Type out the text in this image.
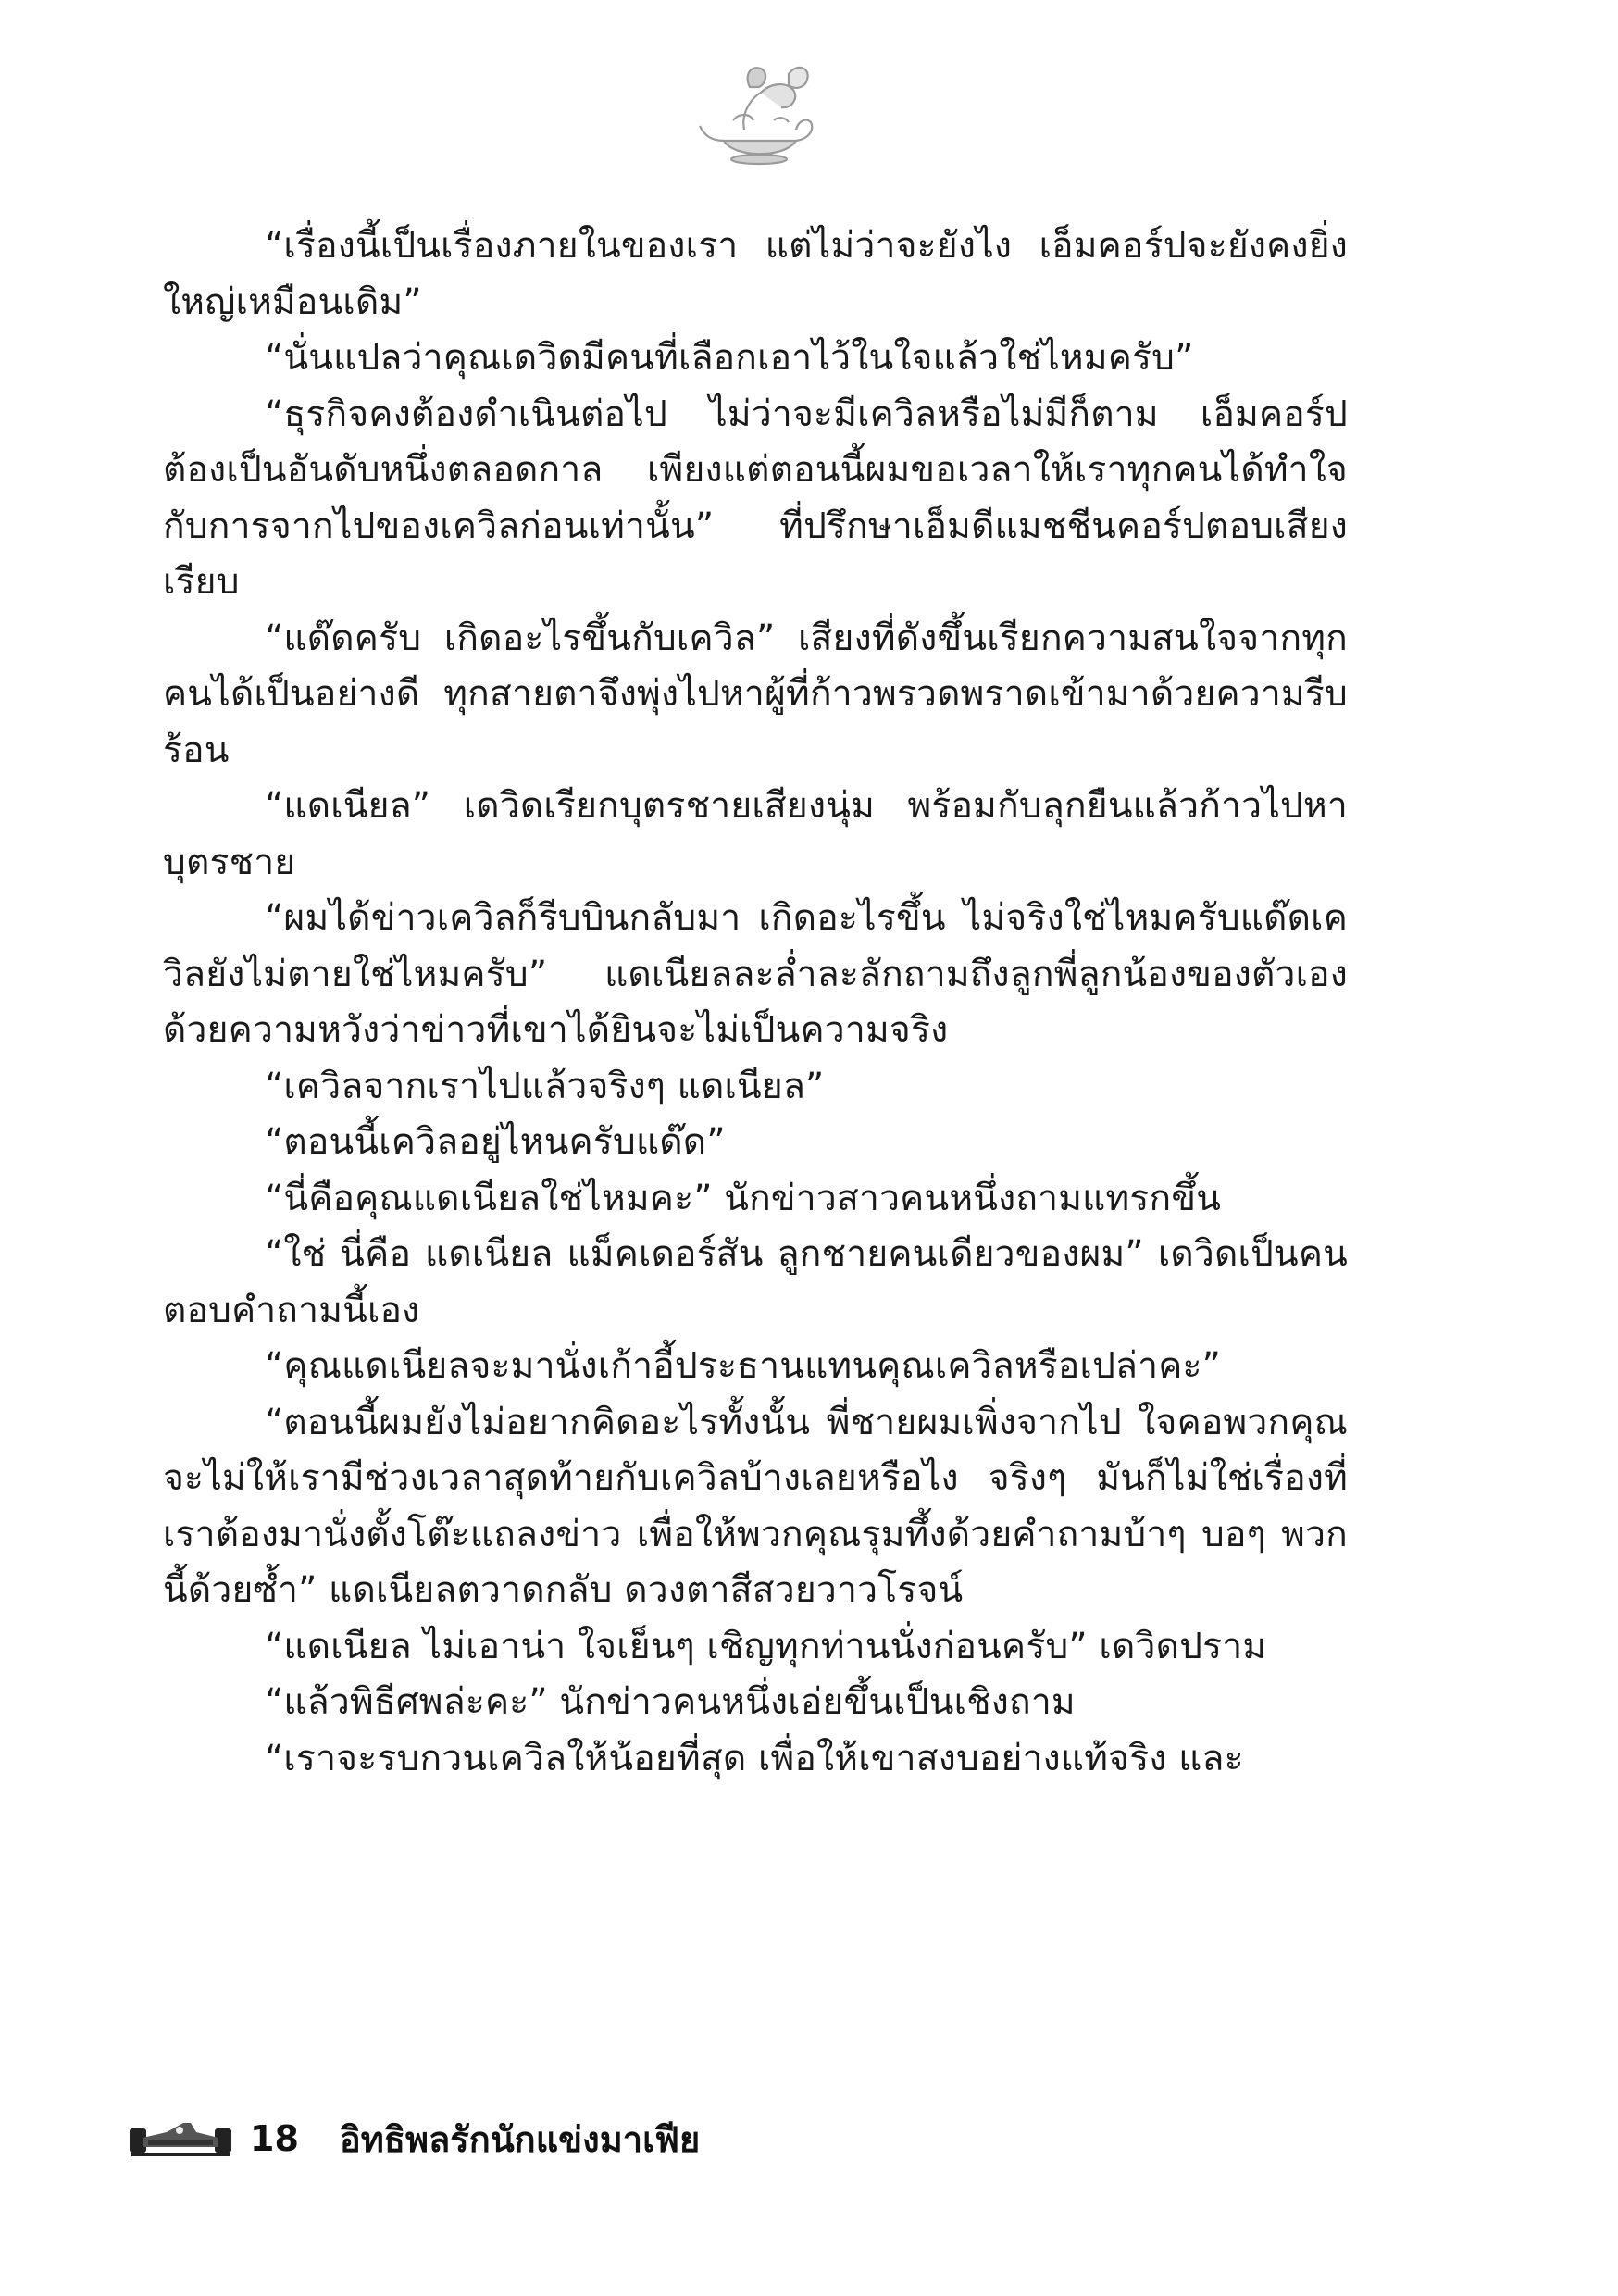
“เรื่องนี้เป็นเรื่องภายในของเรา แต่ไม่ว่าจะยังไง เอ็มคอร์ปจะยังคงยิ่งใหญ่เหมือนเดิม”

“นั่นแปลว่าคุณเดวิดมีคนที่เลือกเอาไว้ในใจแล้วใช่ไหมครับ”

“ธุรกิจคงต้องดำเนินต่อไป ไม่ว่าจะมีเควิลหรือไม่มีก็ตาม เอ็มคอร์ปต้องเป็นอันดับหนึ่งตลอดกาล เพียงแต่ตอนนี้ผมขอเวลาให้เราทุกคนได้ทำใจกับการจากไปของเควิลก่อนเท่านั้น” ที่ปรึกษาเอ็มดีแมชชีนคอร์ปตอบเสียงเรียบ

“แด๊ดครับ เกิดอะไรขึ้นกับเควิล” เสียงที่ดังขึ้นเรียกความสนใจจากทุกคนได้เป็นอย่างดี ทุกสายตาจึงพุ่งไปหาผู้ที่ก้าวพรวดพราดเข้ามาด้วยความรีบร้อน

“แดเนียล” เดวิดเรียกบุตรชายเสียงนุ่ม พร้อมกับลุกยืนแล้วก้าวไปหาบุตรชาย

“ผมได้ข่าวเควิลก็รีบบินกลับมา เกิดอะไรขึ้น ไม่จริงใช่ไหมครับแด๊ดเควิลยังไม่ตายใช่ไหมครับ” แดเนียลละล่ำละลักถามถึงลูกพี่ลูกน้องของตัวเองด้วยความหวังว่าข่าวที่เขาได้ยินจะไม่เป็นความจริง

“เควิลจากเราไปแล้วจริงๆ แดเนียล”

“ตอนนี้เควิลอยู่ไหนครับแด๊ด”

“นี่คือคุณแดเนียลใช่ไหมคะ” นักข่าวสาวคนหนึ่งถามแทรกขึ้น

“ใช่ นี่คือ แดเนียล แม็คเดอร์สัน ลูกชายคนเดียวของผม” เดวิดเป็นคนตอบคำถามนี้เอง

“คุณแดเนียลจะมานั่งเก้าอี้ประธานแทนคุณเควิลหรือเปล่าคะ”

“ตอนนี้ผมยังไม่อยากคิดอะไรทั้งนั้น พี่ชายผมเพิ่งจากไป ใจคอพวกคุณจะไม่ให้เรามีช่วงเวลาสุดท้ายกับเควิลบ้างเลยหรือไง จริงๆ มันก็ไม่ใช่เรื่องที่เราต้องมานั่งตั้งโต๊ะแถลงข่าว เพื่อให้พวกคุณรุมทึ้งด้วยคำถามบ้าๆ บอๆ พวกนี้ด้วยซ้ำ” แดเนียลตวาดกลับ ดวงตาสีสวยวาวโรจน์

“แดเนียล ไม่เอาน่า ใจเย็นๆ เชิญทุกท่านนั่งก่อนครับ” เดวิดปราม

“แล้วพิธีศพล่ะคะ” นักข่าวคนหนึ่งเอ่ยขึ้นเป็นเชิงถาม

“เราจะรบกวนเควิลให้น้อยที่สุด เพื่อให้เขาสงบอย่างแท้จริง และ

18 อิทธิพลรักนักแข่งมาเฟีย
